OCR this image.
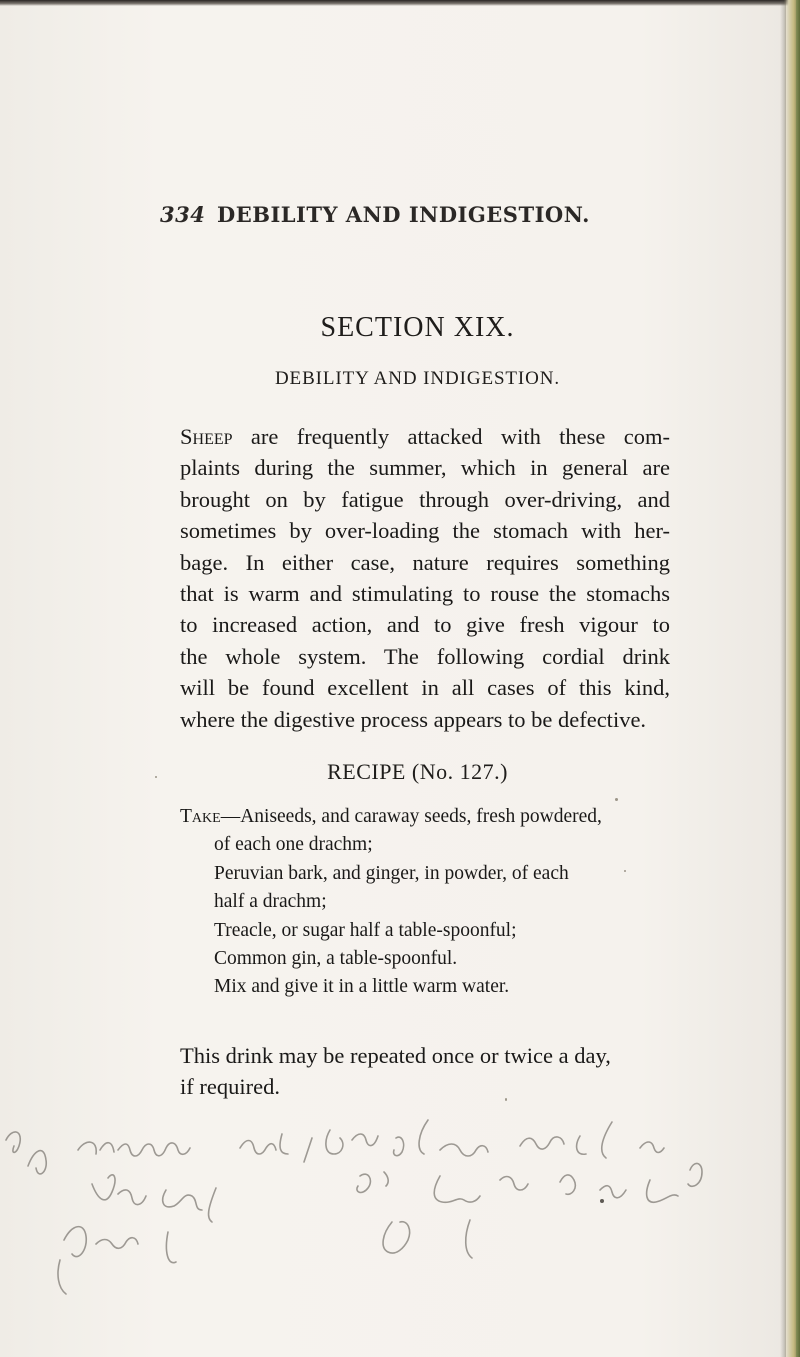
334 DEBILITY AND INDIGESTION.
SECTION XIX.
DEBILITY AND INDIGESTION.
Sheep are frequently attacked with these com-
plaints during the summer, which in general are
brought on by fatigue through over-driving, and
sometimes by over-loading the stomach with her-
bage. In either case, nature requires something
that is warm and stimulating to rouse the stomachs
to increased action, and to give fresh vigour to
the whole system. The following cordial drink
will be found excellent in all cases of this kind,
where the digestive process appears to be defective.
RECIPE (No. 127.)
Take—Aniseeds, and caraway seeds, fresh powdered,
of each one drachm;
Peruvian bark, and ginger, in powder, of each
half a drachm;
Treacle, or sugar half a table-spoonful;
Common gin, a table-spoonful.
Mix and give it in a little warm water.
This drink may be repeated once or twice a day,
if required.
